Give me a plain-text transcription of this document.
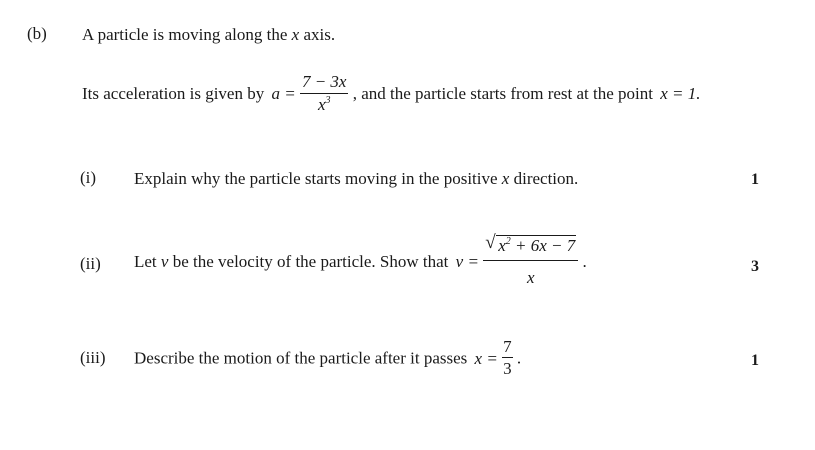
(b) A particle is moving along the x axis.
Its acceleration is given by $a = \frac{7 - 3x}{x^3}$ , and the particle starts from rest at the point x = 1.
(i) Explain why the particle starts moving in the positive x direction.	1
(ii) Let v be the velocity of the particle. Show that $v = \frac{√ x^2 + 6x - 7}{x}$ .	3
(iii) Describe the motion of the particle after it passes $x = \frac{7}{3}$ .	1
